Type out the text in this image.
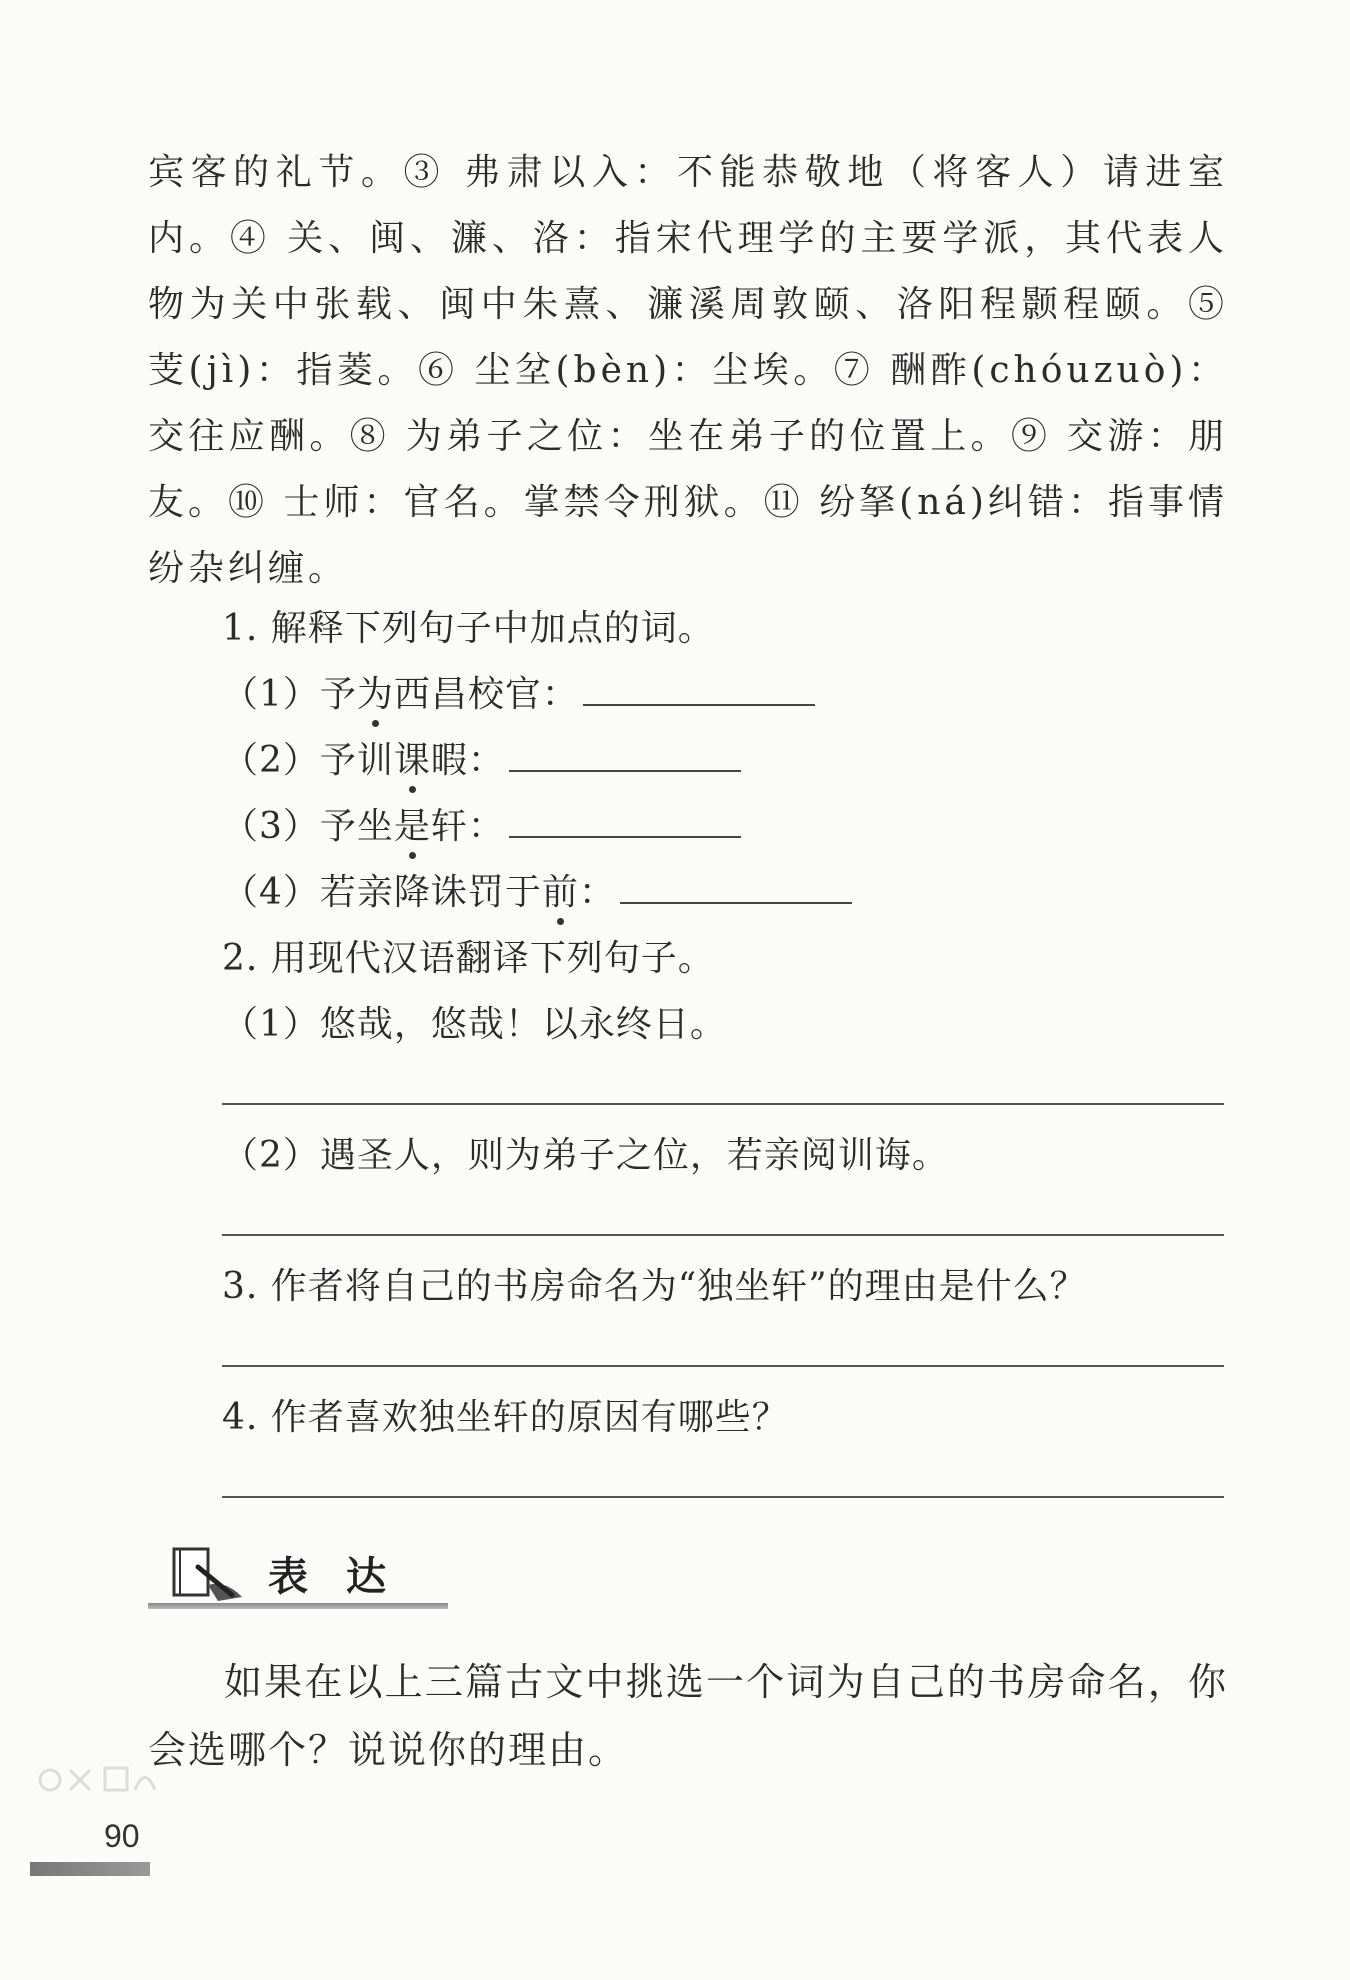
宾客的礼节。③ 弗肃以入：不能恭敬地（将客人）请进室内。④ 关、闽、濂、洛：指宋代理学的主要学派，其代表人物为关中张载、闽中朱熹、濂溪周敦颐、洛阳程颢程颐。⑤ 芰(jì)：指菱。⑥ 尘坌(bèn)：尘埃。⑦ 酬酢(chóuzuò)：交往应酬。⑧ 为弟子之位：坐在弟子的位置上。⑨ 交游：朋友。⑩ 士师：官名。掌禁令刑狱。⑪ 纷拏(ná)纠错：指事情纷杂纠缠。

1. 解释下列句子中加点的词。
（1）予为西昌校官：
（2）予训课暇：
（3）予坐是轩：
（4）若亲降诛罚于前：
2. 用现代汉语翻译下列句子。
（1）悠哉，悠哉！以永终日。
（2）遇圣人，则为弟子之位，若亲阅训诲。
3. 作者将自己的书房命名为“独坐轩”的理由是什么？
4. 作者喜欢独坐轩的原因有哪些？
表达
如果在以上三篇古文中挑选一个词为自己的书房命名，你会选哪个？说说你的理由。
90
